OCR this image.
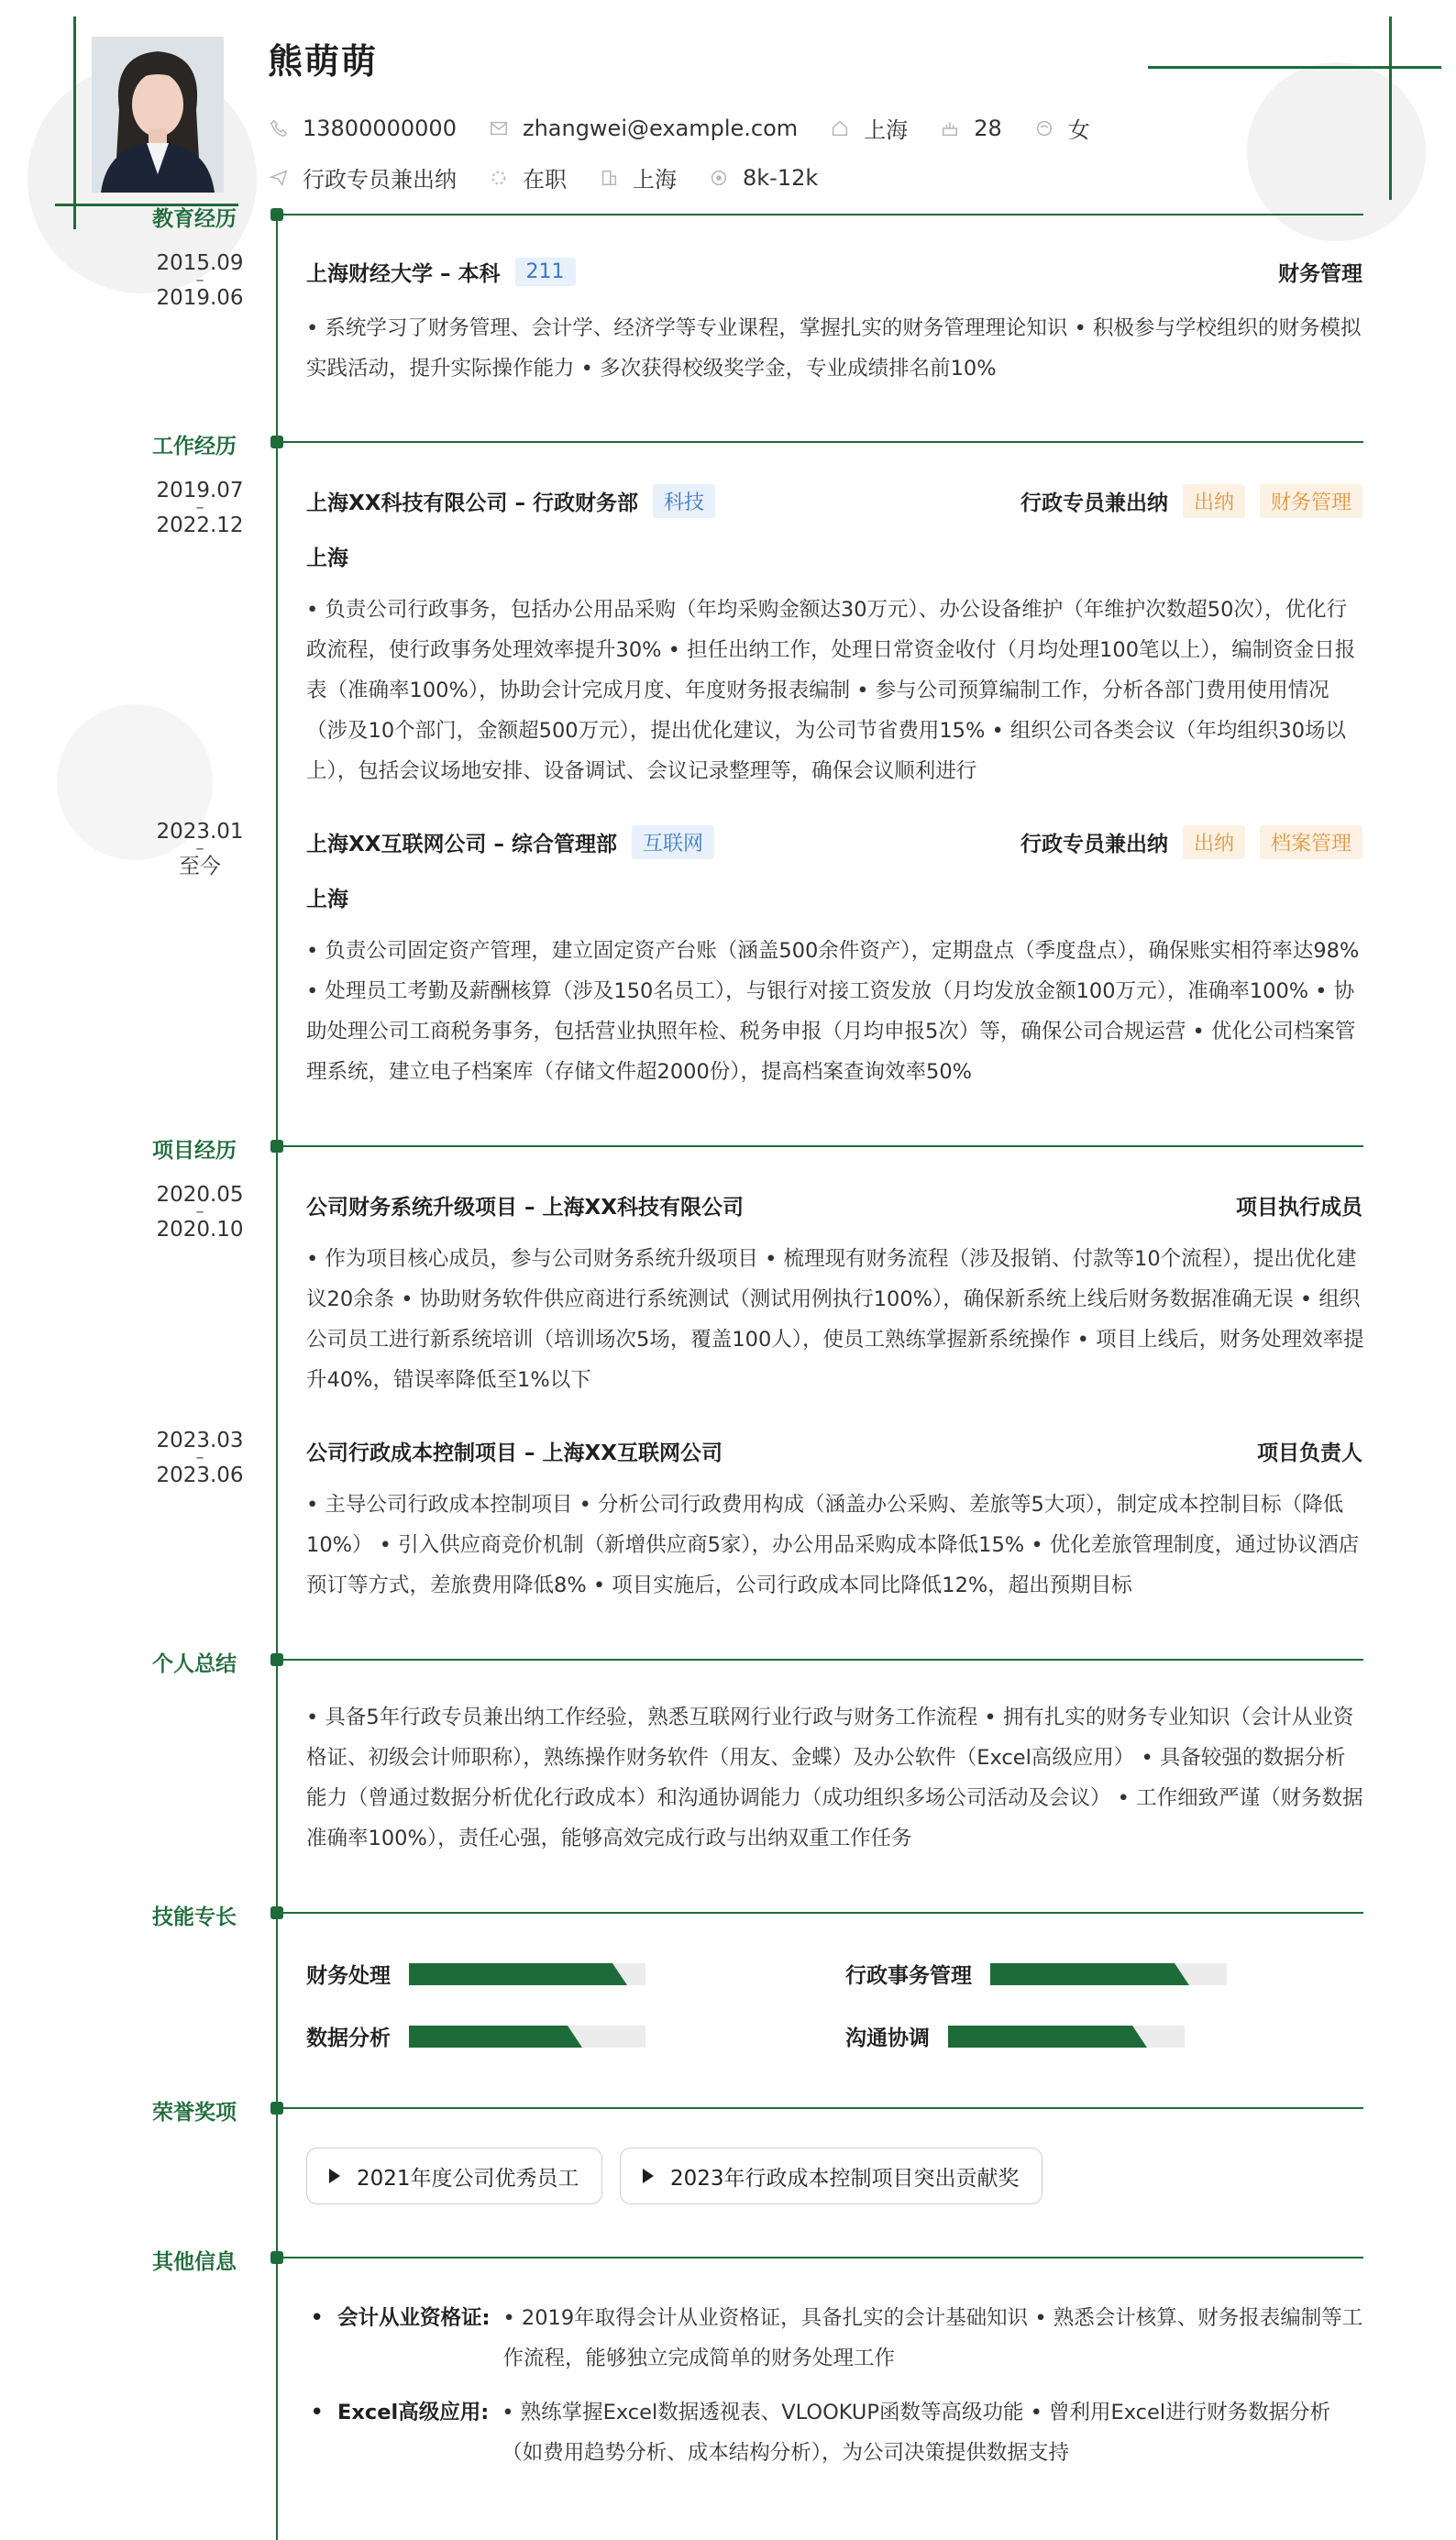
熊萌萌
13800000000	zhangwei@example.com	上海	28	女
行政专员兼出纳	在职	上海	8k-12k
教育经历
2015.09
–
2019.06
上海财经大学 – 本科	211	财务管理
• 系统学习了财务管理、会计学、经济学等专业课程，掌握扎实的财务管理理论知识 • 积极参与学校组织的财务模拟实践活动，提升实际操作能力 • 多次获得校级奖学金，专业成绩排名前10%
工作经历
2019.07
–
2022.12
上海XX科技有限公司 – 行政财务部	科技	行政专员兼出纳	出纳	财务管理
上海
• 负责公司行政事务，包括办公用品采购（年均采购金额达30万元）、办公设备维护（年维护次数超50次），优化行政流程，使行政事务处理效率提升30% • 担任出纳工作，处理日常资金收付（月均处理100笔以上），编制资金日报表（准确率100%），协助会计完成月度、年度财务报表编制 • 参与公司预算编制工作，分析各部门费用使用情况（涉及10个部门，金额超500万元），提出优化建议，为公司节省费用15% • 组织公司各类会议（年均组织30场以上），包括会议场地安排、设备调试、会议记录整理等，确保会议顺利进行
2023.01
–
至今
上海XX互联网公司 – 综合管理部	互联网	行政专员兼出纳	出纳	档案管理
上海
• 负责公司固定资产管理，建立固定资产台账（涵盖500余件资产），定期盘点（季度盘点），确保账实相符率达98% • 处理员工考勤及薪酬核算（涉及150名员工），与银行对接工资发放（月均发放金额100万元），准确率100% • 协助处理公司工商税务事务，包括营业执照年检、税务申报（月均申报5次）等，确保公司合规运营 • 优化公司档案管理系统，建立电子档案库（存储文件超2000份），提高档案查询效率50%
项目经历
2020.05
–
2020.10
公司财务系统升级项目 – 上海XX科技有限公司	项目执行成员
• 作为项目核心成员，参与公司财务系统升级项目 • 梳理现有财务流程（涉及报销、付款等10个流程），提出优化建议20余条 • 协助财务软件供应商进行系统测试（测试用例执行100%），确保新系统上线后财务数据准确无误 • 组织公司员工进行新系统培训（培训场次5场，覆盖100人），使员工熟练掌握新系统操作 • 项目上线后，财务处理效率提升40%，错误率降低至1%以下
2023.03
–
2023.06
公司行政成本控制项目 – 上海XX互联网公司	项目负责人
• 主导公司行政成本控制项目 • 分析公司行政费用构成（涵盖办公采购、差旅等5大项），制定成本控制目标（降低10%） • 引入供应商竞价机制（新增供应商5家），办公用品采购成本降低15% • 优化差旅管理制度，通过协议酒店预订等方式，差旅费用降低8% • 项目实施后，公司行政成本同比降低12%，超出预期目标
个人总结
• 具备5年行政专员兼出纳工作经验，熟悉互联网行业行政与财务工作流程 • 拥有扎实的财务专业知识（会计从业资格证、初级会计师职称），熟练操作财务软件（用友、金蝶）及办公软件（Excel高级应用） • 具备较强的数据分析能力（曾通过数据分析优化行政成本）和沟通协调能力（成功组织多场公司活动及会议） • 工作细致严谨（财务数据准确率100%），责任心强，能够高效完成行政与出纳双重工作任务
技能专长
财务处理	行政事务管理
数据分析	沟通协调
荣誉奖项
2021年度公司优秀员工	2023年行政成本控制项目突出贡献奖
其他信息
• 会计从业资格证: • 2019年取得会计从业资格证，具备扎实的会计基础知识 • 熟悉会计核算、财务报表编制等工作流程，能够独立完成简单的财务处理工作
• Excel高级应用: • 熟练掌握Excel数据透视表、VLOOKUP函数等高级功能 • 曾利用Excel进行财务数据分析（如费用趋势分析、成本结构分析），为公司决策提供数据支持
